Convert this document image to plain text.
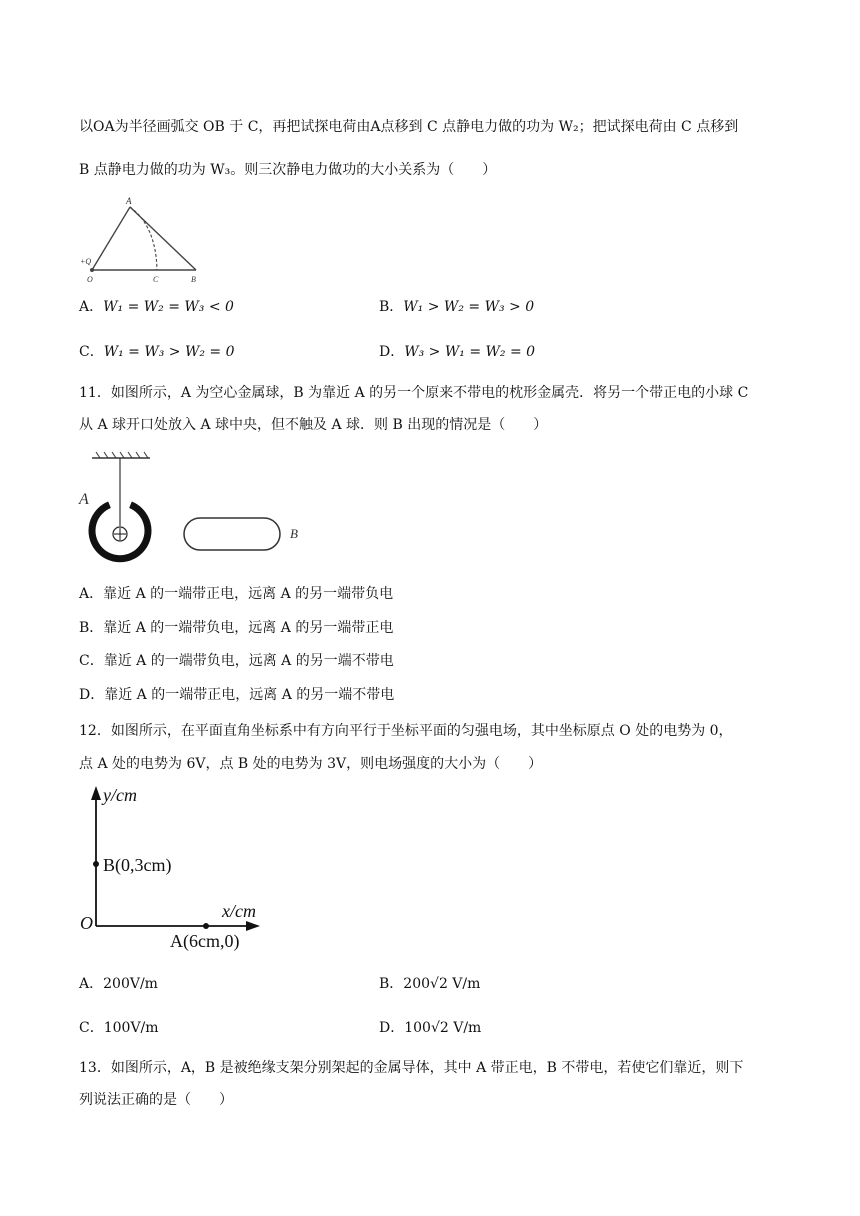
以OA为半径画弧交 OB 于 C，再把试探电荷由A点移到 C 点静电力做的功为 W₂；把试探电荷由 C 点移到
B 点静电力做的功为 W₃。则三次静电力做功的大小关系为（　　）
A
+Q
O	C	B
A．W₁ = W₂ = W₃ < 0	B．W₁ > W₂ = W₃ > 0
C．W₁ = W₃ > W₂ = 0	D．W₃ > W₁ = W₂ = 0
11．如图所示，A 为空心金属球，B 为靠近 A 的另一个原来不带电的枕形金属壳．将另一个带正电的小球 C
从 A 球开口处放入 A 球中央，但不触及 A 球．则 B 出现的情况是（　　）
A
B
A．靠近 A 的一端带正电，远离 A 的另一端带负电
B．靠近 A 的一端带负电，远离 A 的另一端带正电
C．靠近 A 的一端带负电，远离 A 的另一端不带电
D．靠近 A 的一端带正电，远离 A 的另一端不带电
12．如图所示，在平面直角坐标系中有方向平行于坐标平面的匀强电场，其中坐标原点 O 处的电势为 0，
点 A 处的电势为 6V，点 B 处的电势为 3V，则电场强度的大小为（　　）
y/cm
x/cm
O
B(0,3cm)
A(6cm,0)
A．200V/m	B．200√2 V/m
C．100V/m	D．100√2 V/m
13．如图所示，A，B 是被绝缘支架分别架起的金属导体，其中 A 带正电，B 不带电，若使它们靠近，则下
列说法正确的是（　　）
